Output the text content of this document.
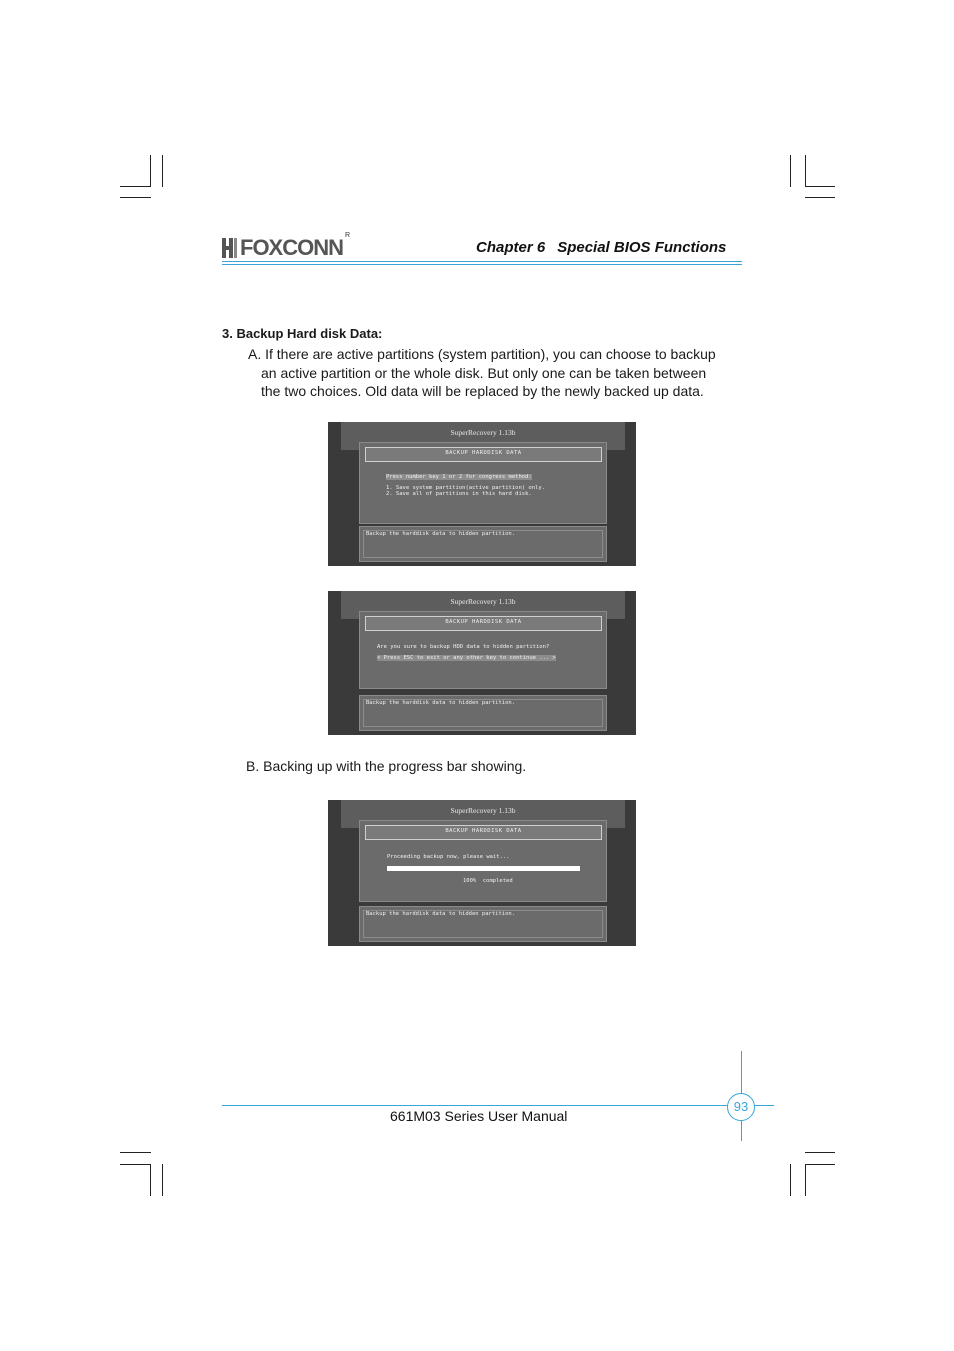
FOXCONN R
Chapter 6 Special BIOS Functions
3. Backup Hard disk Data:
A. If there are active partitions (system partition), you can choose to backup
an active partition or the whole disk. But only one can be taken between
the two choices. Old data will be replaced by the newly backed up data.
SuperRecovery 1.13b
BACKUP HARDDISK DATA
Press number key 1 or 2 for congress method:
1. Save system partition(active partition) only.
2. Save all of partitions in this hard disk.
Backup the harddisk data to hidden partition.
SuperRecovery 1.13b
BACKUP HARDDISK DATA
Are you sure to backup HDD data to hidden partition?
< Press ESC to exit or any other key to continue ... >
Backup the harddisk data to hidden partition.
B. Backing up with the progress bar showing.
SuperRecovery 1.13b
BACKUP HARDDISK DATA
Proceeding backup now, please wait...
100%  completed
Backup the harddisk data to hidden partition.
93
661M03 Series User Manual
